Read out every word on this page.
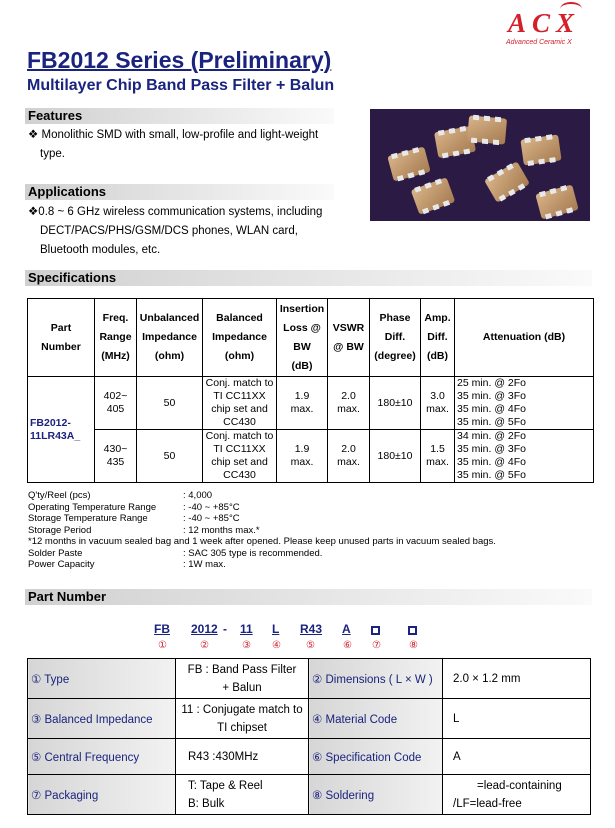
ACX
Advanced Ceramic X
FB2012 Series (Preliminary)
Multilayer Chip Band Pass Filter + Balun
Features
❖ Monolithic SMD with small, low-profile and light-weight
type.
Applications
❖0.8 ~ 6 GHz wireless communication systems, including
DECT/PACS/PHS/GSM/DCS phones, WLAN card,
Bluetooth modules, etc.
Specifications
Part
Number	Freq.
Range
(MHz)	Unbalanced
Impedance
(ohm)	Balanced
Impedance
(ohm)	Insertion
Loss @
BW
(dB)	VSWR
@ BW	Phase
Diff.
(degree)	Amp.
Diff.
(dB)	Attenuation (dB)
FB2012-
11LR43A_	402~
405	50	Conj. match to
TI CC11XX
chip set and
CC430	1.9
max.	2.0
max.	180±10	3.0
max.	25 min. @ 2Fo
35 min. @ 3Fo
35 min. @ 4Fo
35 min. @ 5Fo
	430~
435	50	Conj. match to
TI CC11XX
chip set and
CC430	1.9
max.	2.0
max.	180±10	1.5
max.	34 min. @ 2Fo
35 min. @ 3Fo
35 min. @ 4Fo
35 min. @ 5Fo
Q'ty/Reel (pcs)	: 4,000
Operating Temperature Range	: -40 ~ +85°C
Storage Temperature Range	: -40 ~ +85°C
Storage Period	: 12 months max.*
*12 months in vacuum sealed bag and 1 week after opened. Please keep unused parts in vacuum sealed bags.
Solder Paste	: SAC 305 type is recommended.
Power Capacity	: 1W max.
Part Number
FB 2012 - 11 L R43 A
①	②	③ ④	⑤	⑥ ⑦	⑧
① Type	FB : Band Pass Filter
+ Balun	② Dimensions ( L × W )	2.0 × 1.2 mm
③ Balanced Impedance	11 : Conjugate match to
TI chipset	④ Material Code	L
⑤ Central Frequency	R43 :430MHz	⑥ Specification Code	A
⑦ Packaging	T: Tape & Reel
B: Bulk	⑧ Soldering	=lead-containing
/LF=lead-free
